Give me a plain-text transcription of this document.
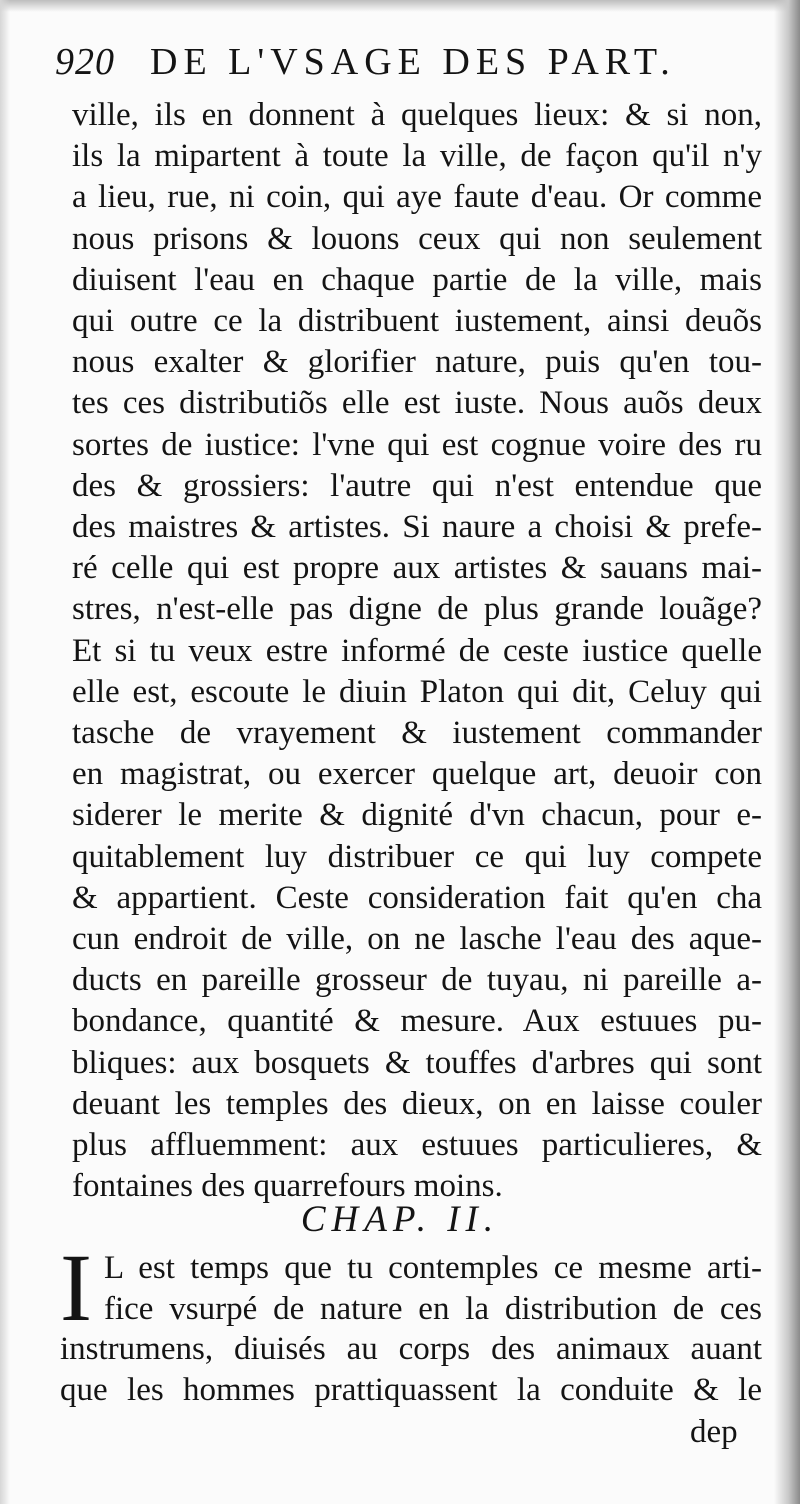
920 DE L'VSAGE DES PART.
ville, ils en donnent à quelques lieux: & si non,
ils la mipartent à toute la ville, de façon qu'il n'y
a lieu, rue, ni coin, qui aye faute d'eau. Or comme
nous prisons & louons ceux qui non seulement
diuisent l'eau en chaque partie de la ville, mais
qui outre ce la distribuent iustement, ainsi deuõs
nous exalter & glorifier nature, puis qu'en tou-
tes ces distributiõs elle est iuste. Nous auõs deux
sortes de iustice: l'vne qui est cognue voire des ru
des & grossiers: l'autre qui n'est entendue que
des maistres & artistes. Si naure a choisi & prefe-
ré celle qui est propre aux artistes & sauans mai-
stres, n'est-elle pas digne de plus grande louãge?
Et si tu veux estre informé de ceste iustice quelle
elle est, escoute le diuin Platon qui dit, Celuy qui
tasche de vrayement & iustement commander
en magistrat, ou exercer quelque art, deuoir con
siderer le merite & dignité d'vn chacun, pour e-
quitablement luy distribuer ce qui luy compete
& appartient. Ceste consideration fait qu'en cha
cun endroit de ville, on ne lasche l'eau des aque-
ducts en pareille grosseur de tuyau, ni pareille a-
bondance, quantité & mesure. Aux estuues pu-
bliques: aux bosquets & touffes d'arbres qui sont
deuant les temples des dieux, on en laisse couler
plus affluemment: aux estuues particulieres, &
fontaines des quarrefours moins.
CHAP. II.
I L est temps que tu contemples ce mesme arti-
fice vsurpé de nature en la distribution de ces
instrumens, diuisés au corps des animaux auant
que les hommes prattiquassent la conduite & le
dep
